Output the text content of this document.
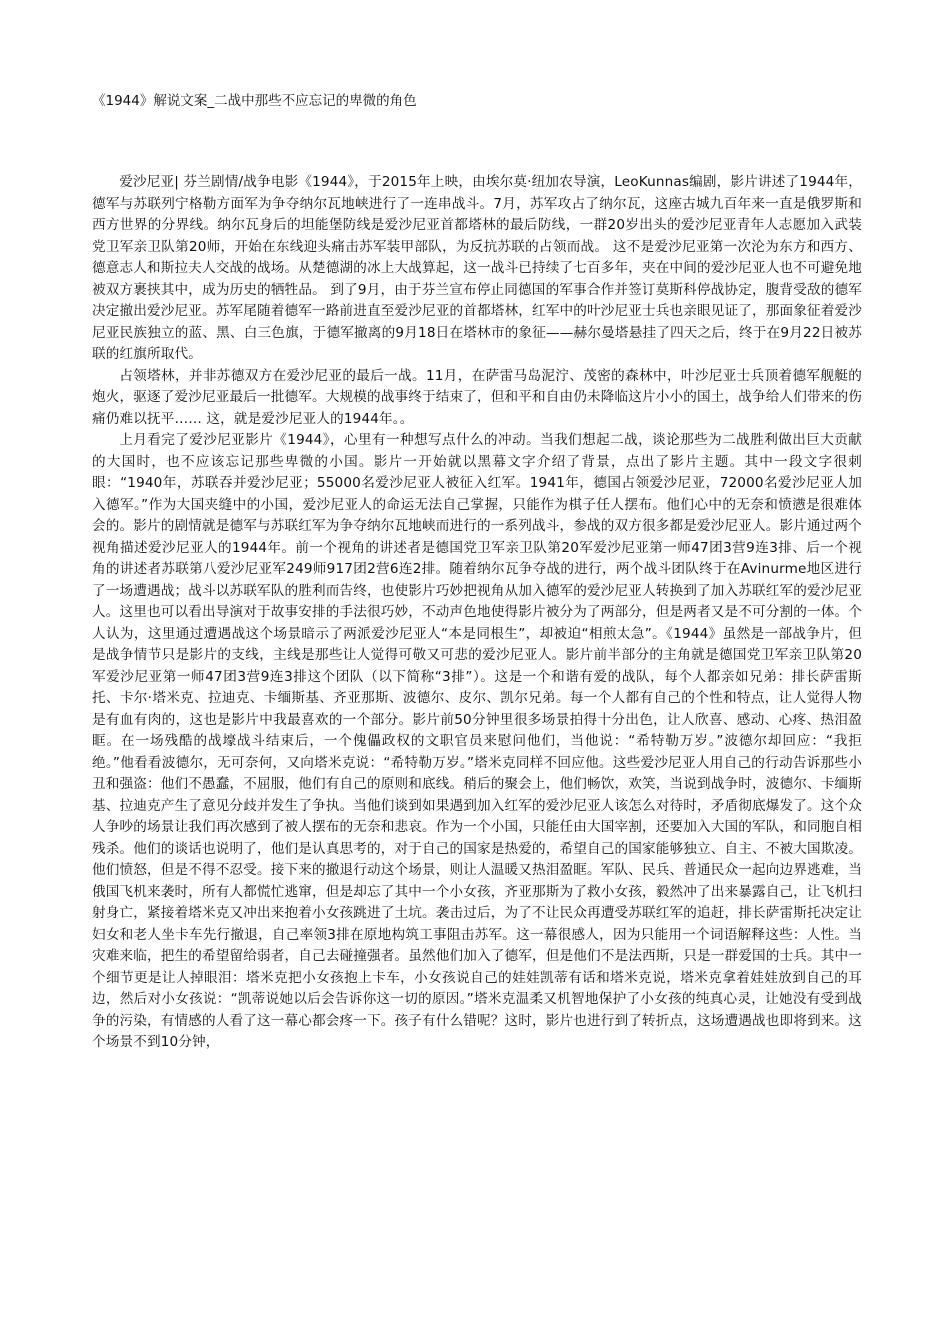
《1944》解说文案_二战中那些不应忘记的卑微的角色

爱沙尼亚| 芬兰剧情/战争电影《1944》，于2015年上映，由埃尔莫·纽加农导演，LeoKunnas编剧，影片讲述了1944年，德军与苏联列宁格勒方面军为争夺纳尔瓦地峡进行了一连串战斗。7月，苏军攻占了纳尔瓦，这座古城九百年来一直是俄罗斯和西方世界的分界线。纳尔瓦身后的坦能堡防线是爱沙尼亚首都塔林的最后防线，一群20岁出头的爱沙尼亚青年人志愿加入武装党卫军亲卫队第20师，开始在东线迎头痛击苏军装甲部队，为反抗苏联的占领而战。 这不是爱沙尼亚第一次沦为东方和西方、德意志人和斯拉夫人交战的战场。从楚德湖的冰上大战算起，这一战斗已持续了七百多年，夹在中间的爱沙尼亚人也不可避免地被双方裹挟其中，成为历史的牺牲品。 到了9月，由于芬兰宣布停止同德国的军事合作并签订莫斯科停战协定，腹背受敌的德军决定撤出爱沙尼亚。苏军尾随着德军一路前进直至爱沙尼亚的首都塔林，红军中的叶沙尼亚士兵也亲眼见证了，那面象征着爱沙尼亚民族独立的蓝、黑、白三色旗，于德军撤离的9月18日在塔林市的象征——赫尔曼塔悬挂了四天之后，终于在9月22日被苏联的红旗所取代。

占领塔林，并非苏德双方在爱沙尼亚的最后一战。11月，在萨雷马岛泥泞、茂密的森林中，叶沙尼亚士兵顶着德军舰艇的炮火，驱逐了爱沙尼亚最后一批德军。大规模的战事终于结束了，但和平和自由仍未降临这片小小的国土，战争给人们带来的伤痛仍难以抚平…… 这，就是爱沙尼亚人的1944年。。

上月看完了爱沙尼亚影片《1944》，心里有一种想写点什么的冲动。当我们想起二战，谈论那些为二战胜利做出巨大贡献的大国时，也不应该忘记那些卑微的小国。影片一开始就以黑幕文字介绍了背景，点出了影片主题。其中一段文字很刺眼：“1940年，苏联吞并爱沙尼亚；55000名爱沙尼亚人被征入红军。1941年，德国占领爱沙尼亚，72000名爱沙尼亚人加入德军。”作为大国夹缝中的小国，爱沙尼亚人的命运无法自己掌握，只能作为棋子任人摆布。他们心中的无奈和愤懑是很难体会的。影片的剧情就是德军与苏联红军为争夺纳尔瓦地峡而进行的一系列战斗，参战的双方很多都是爱沙尼亚人。影片通过两个视角描述爱沙尼亚人的1944年。前一个视角的讲述者是德国党卫军亲卫队第20军爱沙尼亚第一师47团3营9连3排、后一个视角的讲述者苏联第八爱沙尼亚军249师917团2营6连2排。随着纳尔瓦争夺战的进行，两个战斗团队终于在Avinurme地区进行了一场遭遇战；战斗以苏联军队的胜利而告终，也使影片巧妙把视角从加入德军的爱沙尼亚人转换到了加入苏联红军的爱沙尼亚人。这里也可以看出导演对于故事安排的手法很巧妙，不动声色地使得影片被分为了两部分，但是两者又是不可分割的一体。个人认为，这里通过遭遇战这个场景暗示了两派爱沙尼亚人“本是同根生”，却被迫“相煎太急”。《1944》虽然是一部战争片，但是战争情节只是影片的支线，主线是那些让人觉得可敬又可悲的爱沙尼亚人。影片前半部分的主角就是德国党卫军亲卫队第20军爱沙尼亚第一师47团3营9连3排这个团队（以下简称“3排”）。这是一个和谐有爱的战队，每个人都亲如兄弟：排长萨雷斯托、卡尔·塔米克、拉迪克、卡缅斯基、齐亚那斯、波德尔、皮尔、凯尔兄弟。每一个人都有自己的个性和特点，让人觉得人物是有血有肉的，这也是影片中我最喜欢的一个部分。影片前50分钟里很多场景拍得十分出色，让人欣喜、感动、心疼、热泪盈眶。在一场残酷的战壕战斗结束后，一个傀儡政权的文职官员来慰问他们，当他说：“希特勒万岁。”波德尔却回应：“我拒绝。”他看看波德尔，无可奈何，又向塔米克说：“希特勒万岁。”塔米克同样不回应他。这些爱沙尼亚人用自己的行动告诉那些小丑和强盗：他们不愚蠢，不屈服，他们有自己的原则和底线。稍后的聚会上，他们畅饮，欢笑，当说到战争时，波德尔、卡缅斯基、拉迪克产生了意见分歧并发生了争执。当他们谈到如果遇到加入红军的爱沙尼亚人该怎么对待时，矛盾彻底爆发了。这个众人争吵的场景让我们再次感到了被人摆布的无奈和悲哀。作为一个小国，只能任由大国宰割，还要加入大国的军队，和同胞自相残杀。他们的谈话也说明了，他们是认真思考的，对于自己的国家是热爱的，希望自己的国家能够独立、自主、不被大国欺凌。他们愤怒，但是不得不忍受。接下来的撤退行动这个场景，则让人温暖又热泪盈眶。军队、民兵、普通民众一起向边界逃难，当俄国飞机来袭时，所有人都慌忙逃窜，但是却忘了其中一个小女孩，齐亚那斯为了救小女孩，毅然冲了出来暴露自己，让飞机扫射身亡，紧接着塔米克又冲出来抱着小女孩跳进了土坑。袭击过后，为了不让民众再遭受苏联红军的追赶，排长萨雷斯托决定让妇女和老人坐卡车先行撤退，自己率领3排在原地构筑工事阻击苏军。这一幕很感人，因为只能用一个词语解释这些：人性。当灾难来临，把生的希望留给弱者，自己去碰撞强者。虽然他们加入了德军，但是他们不是法西斯，只是一群爱国的士兵。其中一个细节更是让人掉眼泪：塔米克把小女孩抱上卡车，小女孩说自己的娃娃凯蒂有话和塔米克说，塔米克拿着娃娃放到自己的耳边，然后对小女孩说：“凯蒂说她以后会告诉你这一切的原因。”塔米克温柔又机智地保护了小女孩的纯真心灵，让她没有受到战争的污染，有情感的人看了这一幕心都会疼一下。孩子有什么错呢？这时，影片也进行到了转折点，这场遭遇战也即将到来。这个场景不到10分钟，
